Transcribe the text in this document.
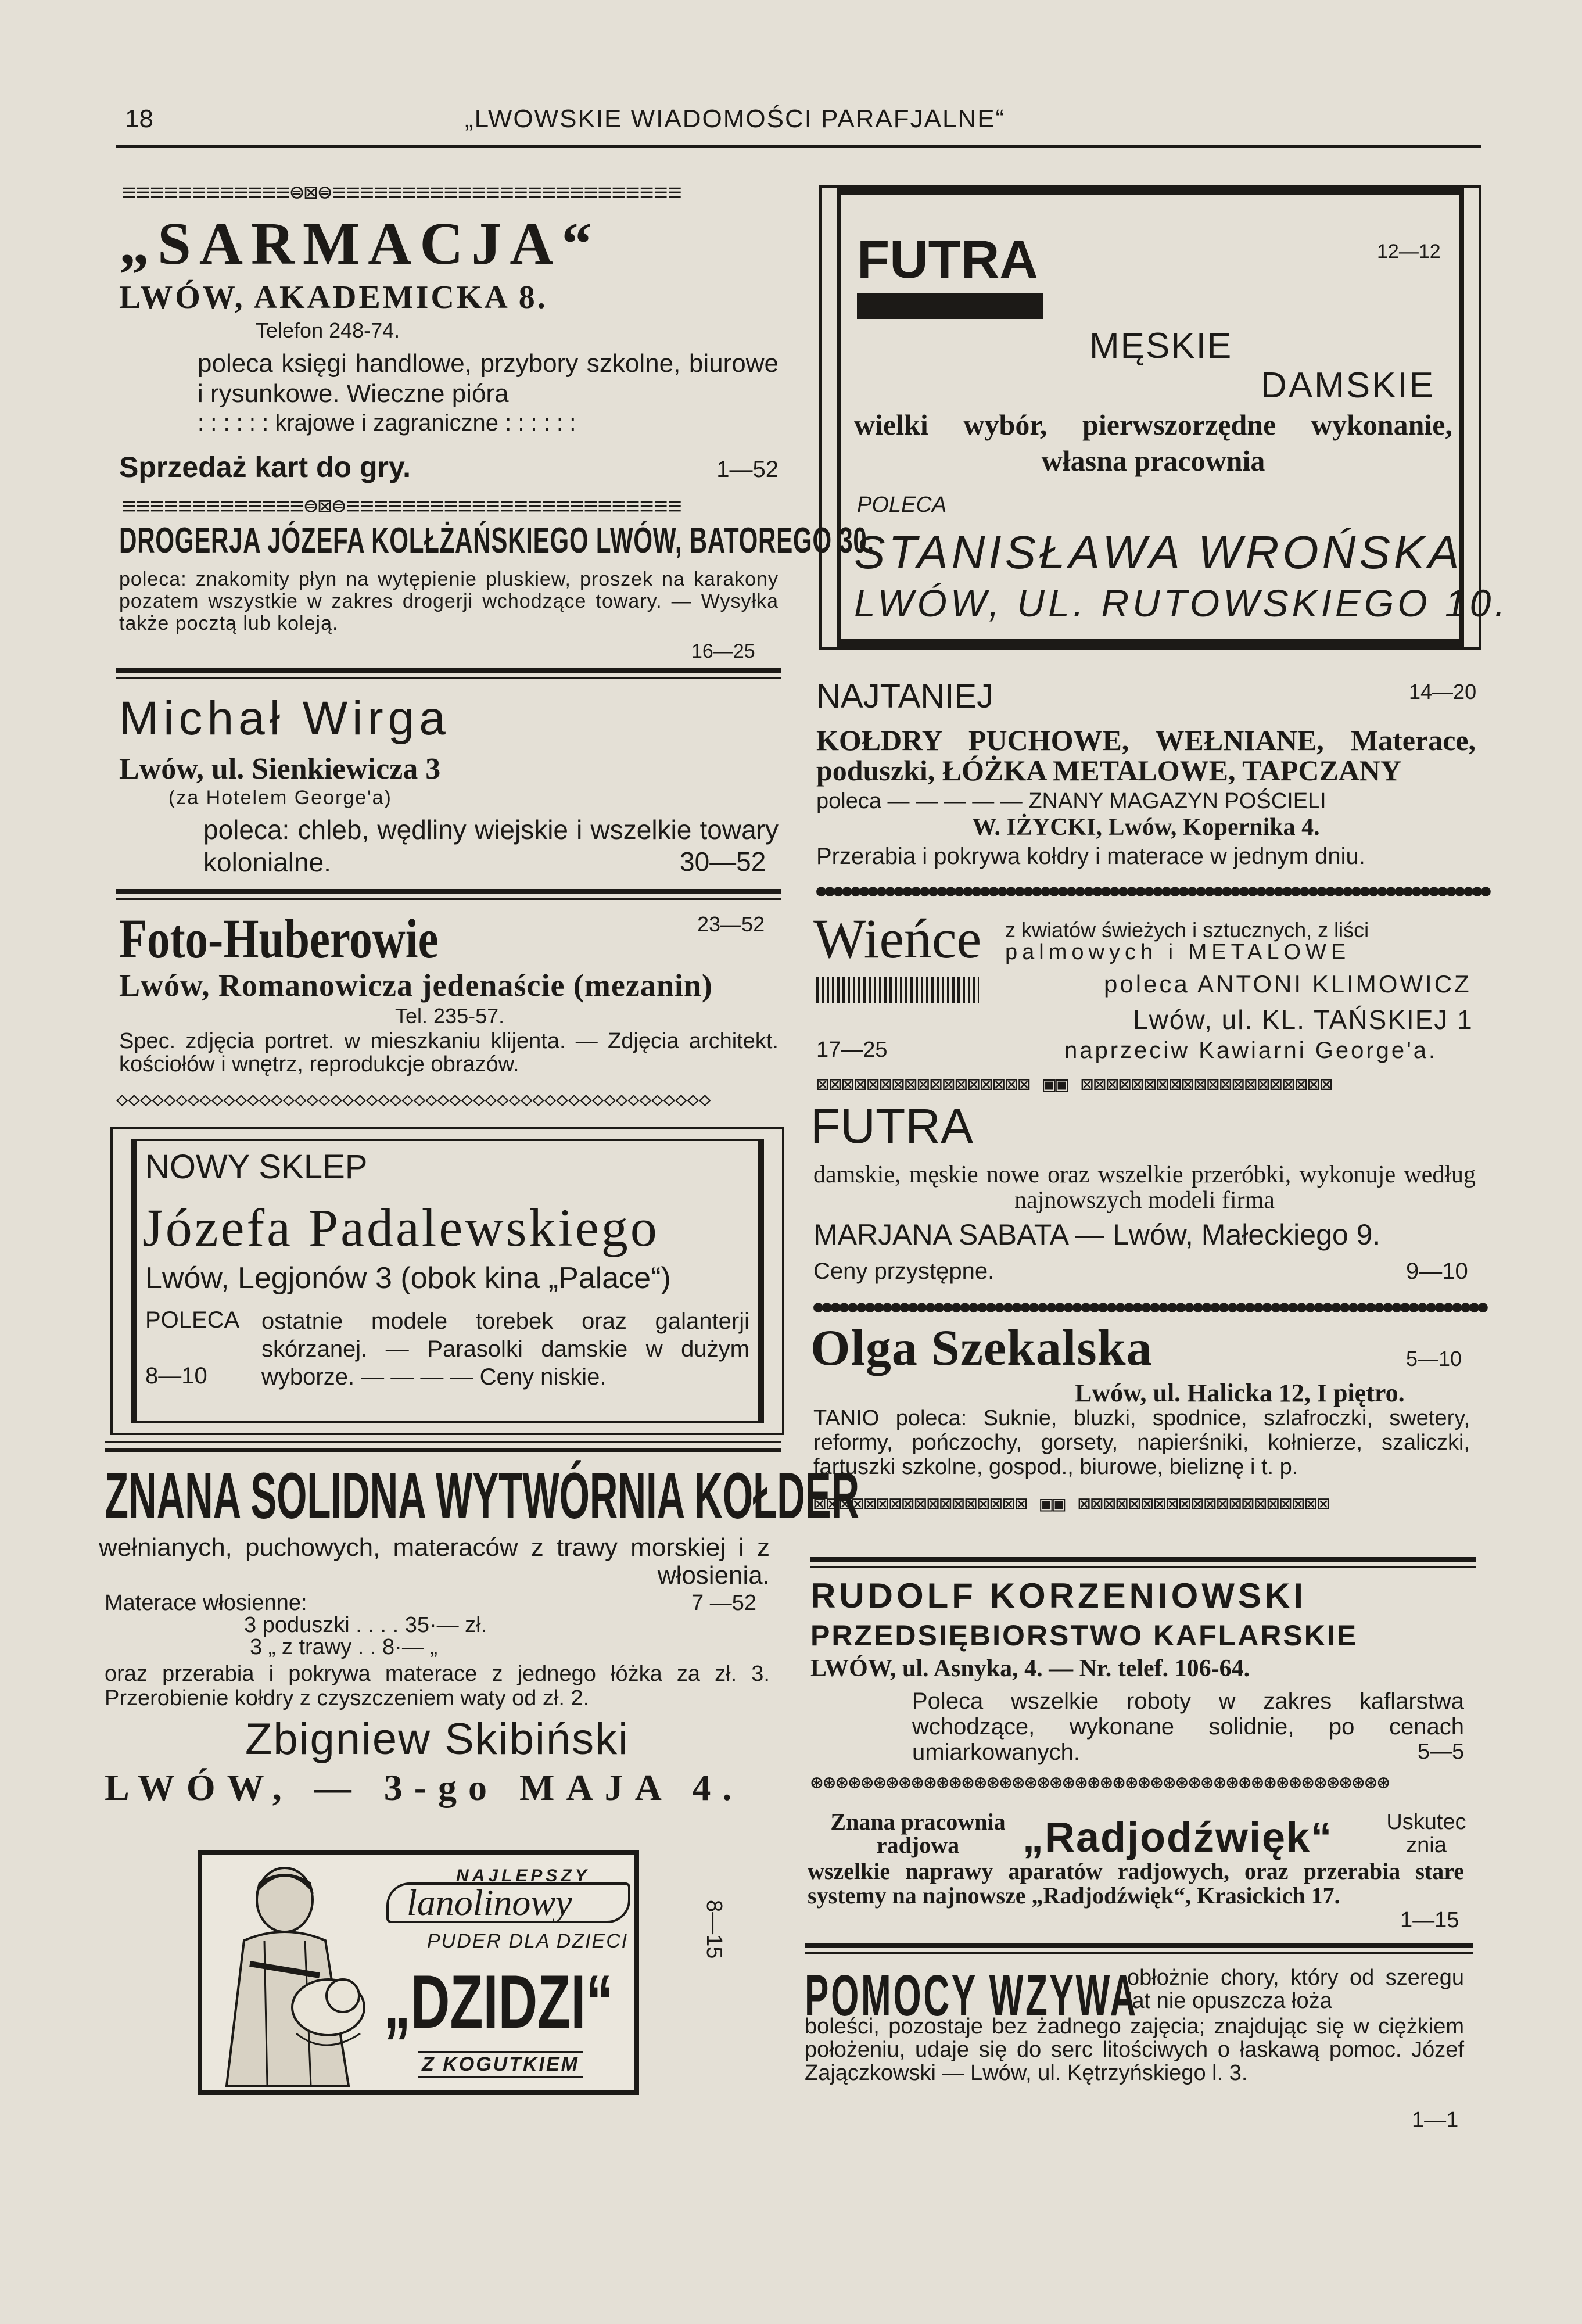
18	„LWOWSKIE WIADOMOŚCI PARAFJALNE“
≡≡≡≡≡≡≡≡≡≡≡≡⊜⊠⊜≡≡≡≡≡≡≡≡≡≡≡≡≡≡≡≡≡≡≡≡≡≡≡≡≡
„SARMACJA“
LWÓW, AKADEMICKA 8.
Telefon 248-74.
poleca księgi handlowe, przybory szkolne, biurowe i rysunkowe. Wieczne pióra
: : : : : : krajowe i zagraniczne : : : : : :
Sprzedaż kart do gry.	1—52
≡≡≡≡≡≡≡≡≡≡≡≡≡⊜⊠⊜≡≡≡≡≡≡≡≡≡≡≡≡≡≡≡≡≡≡≡≡≡≡≡≡
DROGERJA JÓZEFA KOLŁŻAŃSKIEGO LWÓW, BATOREGO 30.
poleca: znakomity płyn na wytępienie pluskiew, proszek na karakony pozatem wszystkie w zakres drogerji wchodzące towary. — Wysyłka także pocztą lub koleją.
16—25
Michał Wirga
Lwów, ul. Sienkiewicza 3
(za Hotelem George'a)
poleca: chleb, wędliny wiejskie i wszelkie towary kolonialne.	30—52
Foto-Huberowie	23—52
Lwów, Romanowicza jedenaście (mezanin)
Tel. 235-57.
Spec. zdjęcia portret. w mieszkaniu klijenta. — Zdjęcia architekt. kościołów i wnętrz, reprodukcje obrazów.
◇◇◇◇◇◇◇◇◇◇◇◇◇◇◇◇◇◇◇◇◇◇◇◇◇◇◇◇◇◇◇◇◇◇◇◇◇◇◇◇◇◇◇◇◇◇◇◇◇◇
NOWY SKLEP
Józefa Padalewskiego
Lwów, Legjonów 3 (obok kina „Palace“)
POLECA ostatnie modele torebek oraz galanterji skórzanej. — Parasolki damskie w dużym wyborze. — — — — Ceny niskie.
8—10
ZNANA SOLIDNA WYTWÓRNIA KOŁDER
wełnianych, puchowych, materaców z trawy morskiej i z włosienia.
Materace włosienne:	7 —52
3 poduszki . . . . 35·— zł.
3 „ z trawy . . 8·— „
oraz przerabia i pokrywa materace z jednego łóżka za zł. 3. Przerobienie kołdry z czyszczeniem waty od zł. 2.
Zbigniew Skibiński
LWÓW, — 3-go MAJA 4.
NAJLEPSZY
lanolinowy
PUDER DLA DZIECI
„DZIDZI“
Z KOGUTKIEM
8—15
FUTRA	12—12
MĘSKIE
DAMSKIE
wielki wybór, pierwszorzędne wykonanie, własna pracownia
POLECA
STANISŁAWA WROŃSKA
LWÓW, UL. RUTOWSKIEGO 10.
NAJTANIEJ	14—20
KOŁDRY PUCHOWE, WEŁNIANE, Materace, poduszki, ŁÓŻKA METALOWE, TAPCZANY
poleca — — — — — ZNANY MAGAZYN POŚCIELI
W. IŻYCKI, Lwów, Kopernika 4.
Przerabia i pokrywa kołdry i materace w jednym dniu.
●●●●●●●●●●●●●●●●●●●●●●●●●●●●●●●●●●●●●●●●●●●●●●●●●●●●●●●●●●●●●●●●●●●●●●●●●●●●●●
Wieńce z kwiatów świeżych i sztucznych, z liści
palmowych i METALOWE
poleca ANTONI KLIMOWICZ
Lwów, ul. KL. TAŃSKIEJ 1
naprzeciw Kawiarni George'a.
17—25
⊠⊠⊠⊠⊠⊠⊠⊠⊠⊠⊠⊠⊠⊠⊠⊠⊠ ▣▣ ⊠⊠⊠⊠⊠⊠⊠⊠⊠⊠⊠⊠⊠⊠⊠⊠⊠⊠⊠⊠
FUTRA
damskie, męskie nowe oraz wszelkie przeróbki, wykonuje według najnowszych modeli firma
MARJANA SABATA — Lwów, Małeckiego 9.
Ceny przystępne.	9—10
●●●●●●●●●●●●●●●●●●●●●●●●●●●●●●●●●●●●●●●●●●●●●●●●●●●●●●●●●●●●●●●●●●●●●●●●●●●●●●
Olga Szekalska	5—10
Lwów, ul. Halicka 12, I piętro.
TANIO poleca: Suknie, bluzki, spodnice, szlafroczki, swetery, reformy, pończochy, gorsety, napierśniki, kołnierze, szaliczki, fartuszki szkolne, gospod., biurowe, bieliznę i t. p.
⊠⊠⊠⊠⊠⊠⊠⊠⊠⊠⊠⊠⊠⊠⊠⊠⊠ ▣▣ ⊠⊠⊠⊠⊠⊠⊠⊠⊠⊠⊠⊠⊠⊠⊠⊠⊠⊠⊠⊠
RUDOLF KORZENIOWSKI
PRZEDSIĘBIORSTWO KAFLARSKIE
LWÓW, ul. Asnyka, 4. — Nr. telef. 106-64.
Poleca wszelkie roboty w zakres kaflarstwa wchodzące, wykonane solidnie, po cenach umiarkowanych.	5—5
⊛⊛⊛⊛⊛⊛⊛⊛⊛⊛⊛⊛⊛⊛⊛⊛⊛⊛⊛⊛⊛⊛⊛⊛⊛⊛⊛⊛⊛⊛⊛⊛⊛⊛⊛⊛⊛⊛⊛⊛⊛⊛⊛⊛⊛⊛
Znana pracownia radjowa	„Radjodźwięk“ Uskutecznia
wszelkie naprawy aparatów radjowych, oraz przerabia stare systemy na najnowsze „Radjodźwięk“, Krasickich 17.
1—15
POMOCY WZYWA
obłożnie chory, który od szeregu lat nie opuszcza łoża
boleści, pozostaje bez żadnego zajęcia; znajdując się w ciężkiem położeniu, udaje się do serc litościwych o łaskawą pomoc. Józef Zajączkowski — Lwów, ul. Kętrzyńskiego l. 3.
1—1
